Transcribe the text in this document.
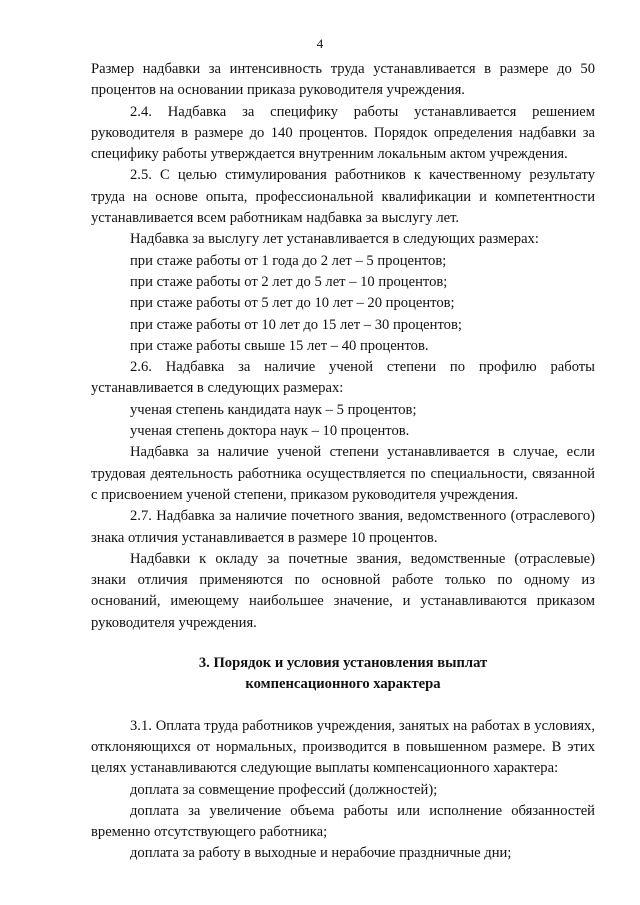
4

Размер надбавки за интенсивность труда устанавливается в размере до 50 процентов на основании приказа руководителя учреждения.

2.4. Надбавка за специфику работы устанавливается решением руководителя в размере до 140 процентов. Порядок определения надбавки за специфику работы утверждается внутренним локальным актом учреждения.

2.5. С целью стимулирования работников к качественному результату труда на основе опыта, профессиональной квалификации и компетентности устанавливается всем работникам надбавка за выслугу лет.

Надбавка за выслугу лет устанавливается в следующих размерах:

при стаже работы от 1 года до 2 лет – 5 процентов;

при стаже работы от 2 лет до 5 лет – 10 процентов;

при стаже работы от 5 лет до 10 лет – 20 процентов;

при стаже работы от 10 лет до 15 лет – 30 процентов;

при стаже работы свыше 15 лет – 40 процентов.

2.6. Надбавка за наличие ученой степени по профилю работы устанавливается в следующих размерах:

ученая степень кандидата наук – 5 процентов;

ученая степень доктора наук – 10 процентов.

Надбавка за наличие ученой степени устанавливается в случае, если трудовая деятельность работника осуществляется по специальности, связанной с присвоением ученой степени, приказом руководителя учреждения.

2.7. Надбавка за наличие почетного звания, ведомственного (отраслевого) знака отличия устанавливается в размере 10 процентов.

Надбавки к окладу за почетные звания, ведомственные (отраслевые) знаки отличия применяются по основной работе только по одному из оснований, имеющему наибольшее значение, и устанавливаются приказом руководителя учреждения.

3. Порядок и условия установления выплат

компенсационного характера

3.1. Оплата труда работников учреждения, занятых на работах в условиях, отклоняющихся от нормальных, производится в повышенном размере. В этих целях устанавливаются следующие выплаты компенсационного характера:

доплата за совмещение профессий (должностей);

доплата за увеличение объема работы или исполнение обязанностей временно отсутствующего работника;

доплата за работу в выходные и нерабочие праздничные дни;
